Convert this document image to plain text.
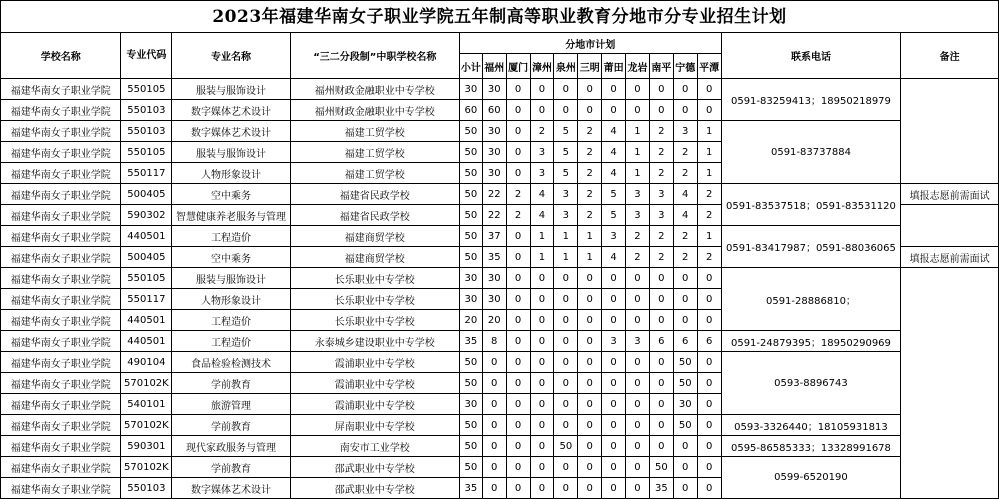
2023年福建华南女子职业学院五年制高等职业教育分地市分专业招生计划
学校名称	专业代码	专业名称	“三二分段制”中职学校名称	分地市计划											联系电话	备注
				小计	福州	厦门	漳州	泉州	三明	莆田	龙岩	南平	宁德	平潭		
福建华南女子职业学院	550105	服装与服饰设计	福州财政金融职业中专学校	30	30	0	0	0	0	0	0	0	0	0	0591-83259413；18950218979	
福建华南女子职业学院	550103	数字媒体艺术设计	福州财政金融职业中专学校	60	60	0	0	0	0	0	0	0	0	0		
福建华南女子职业学院	550103	数字媒体艺术设计	福建工贸学校	50	30	0	2	5	2	4	1	2	3	1	0591-83737884	
福建华南女子职业学院	550105	服装与服饰设计	福建工贸学校	50	30	0	3	5	2	4	1	2	2	1		
福建华南女子职业学院	550117	人物形象设计	福建工贸学校	50	30	0	3	5	2	4	1	2	2	1		
福建华南女子职业学院	500405	空中乘务	福建省民政学校	50	22	2	4	3	2	5	3	3	4	2	0591-83537518；0591-83531120	填报志愿前需面试
福建华南女子职业学院	590302	智慧健康养老服务与管理	福建省民政学校	50	22	2	4	3	2	5	3	3	4	2		
福建华南女子职业学院	440501	工程造价	福建商贸学校	50	37	0	1	1	1	3	2	2	2	1	0591-83417987；0591-88036065	
福建华南女子职业学院	500405	空中乘务	福建商贸学校	50	35	0	1	1	1	4	2	2	2	2		填报志愿前需面试
福建华南女子职业学院	550105	服装与服饰设计	长乐职业中专学校	30	30	0	0	0	0	0	0	0	0	0	0591-28886810；	
福建华南女子职业学院	550117	人物形象设计	长乐职业中专学校	30	30	0	0	0	0	0	0	0	0	0		
福建华南女子职业学院	440501	工程造价	长乐职业中专学校	20	20	0	0	0	0	0	0	0	0	0		
福建华南女子职业学院	440501	工程造价	永泰城乡建设职业中专学校	35	8	0	0	0	0	3	3	6	6	6	0591-24879395；18950290969	
福建华南女子职业学院	490104	食品检验检测技术	霞浦职业中专学校	50	0	0	0	0	0	0	0	0	50	0	0593-8896743	
福建华南女子职业学院	570102K	学前教育	霞浦职业中专学校	50	0	0	0	0	0	0	0	0	50	0		
福建华南女子职业学院	540101	旅游管理	霞浦职业中专学校	30	0	0	0	0	0	0	0	0	30	0		
福建华南女子职业学院	570102K	学前教育	屏南职业中专学校	50	0	0	0	0	0	0	0	0	50	0	0593-3326440；18105931813	
福建华南女子职业学院	590301	现代家政服务与管理	南安市工业学校	50	0	0	0	50	0	0	0	0	0	0	0595-86585333；13328991678	
福建华南女子职业学院	570102K	学前教育	邵武职业中专学校	50	0	0	0	0	0	0	0	50	0	0	0599-6520190	
福建华南女子职业学院	550103	数字媒体艺术设计	邵武职业中专学校	35	0	0	0	0	0	0	0	35	0	0		
